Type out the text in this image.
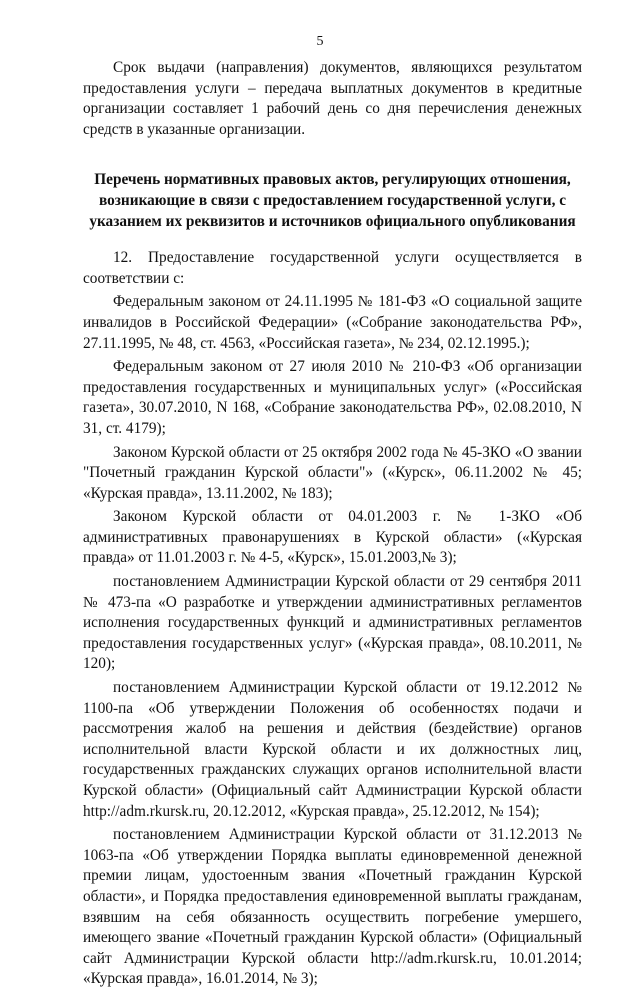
5

Срок выдачи (направления) документов, являющихся результатом предоставления услуги – передача выплатных документов в кредитные организации составляет 1 рабочий день со дня перечисления денежных средств в указанные организации.

Перечень нормативных правовых актов, регулирующих отношения, возникающие в связи с предоставлением государственной услуги, с указанием их реквизитов и источников официального опубликования

12. Предоставление государственной услуги осуществляется в соответствии с:

Федеральным законом от 24.11.1995 № 181-ФЗ «О социальной защите инвалидов в Российской Федерации» («Собрание законодательства РФ», 27.11.1995, № 48, ст. 4563, «Российская газета», № 234, 02.12.1995.);

Федеральным законом от 27 июля 2010 № 210-ФЗ «Об организации предоставления государственных и муниципальных услуг» («Российская газета», 30.07.2010, N 168, «Собрание законодательства РФ», 02.08.2010, N 31, ст. 4179);

Законом Курской области от 25 октября 2002 года № 45-ЗКО «О звании "Почетный гражданин Курской области"» («Курск», 06.11.2002 № 45; «Курская правда», 13.11.2002, № 183);

Законом Курской области от 04.01.2003 г. № 1-ЗКО «Об административных правонарушениях в Курской области» («Курская правда» от 11.01.2003 г. № 4-5, «Курск», 15.01.2003,№ 3);

постановлением Администрации Курской области от 29 сентября 2011 № 473-па «О разработке и утверждении административных регламентов исполнения государственных функций и административных регламентов предоставления государственных услуг» («Курская правда», 08.10.2011, № 120);

постановлением Администрации Курской области от 19.12.2012 № 1100-па «Об утверждении Положения об особенностях подачи и рассмотрения жалоб на решения и действия (бездействие) органов исполнительной власти Курской области и их должностных лиц, государственных гражданских служащих органов исполнительной власти Курской области» (Официальный сайт Администрации Курской области http://adm.rkursk.ru, 20.12.2012, «Курская правда», 25.12.2012, № 154);

постановлением Администрации Курской области от 31.12.2013 № 1063-па «Об утверждении Порядка выплаты единовременной денежной премии лицам, удостоенным звания «Почетный гражданин Курской области», и Порядка предоставления единовременной выплаты гражданам, взявшим на себя обязанность осуществить погребение умершего, имеющего звание «Почетный гражданин Курской области» (Официальный сайт Администрации Курской области http://adm.rkursk.ru, 10.01.2014; «Курская правда», 16.01.2014, № 3);
